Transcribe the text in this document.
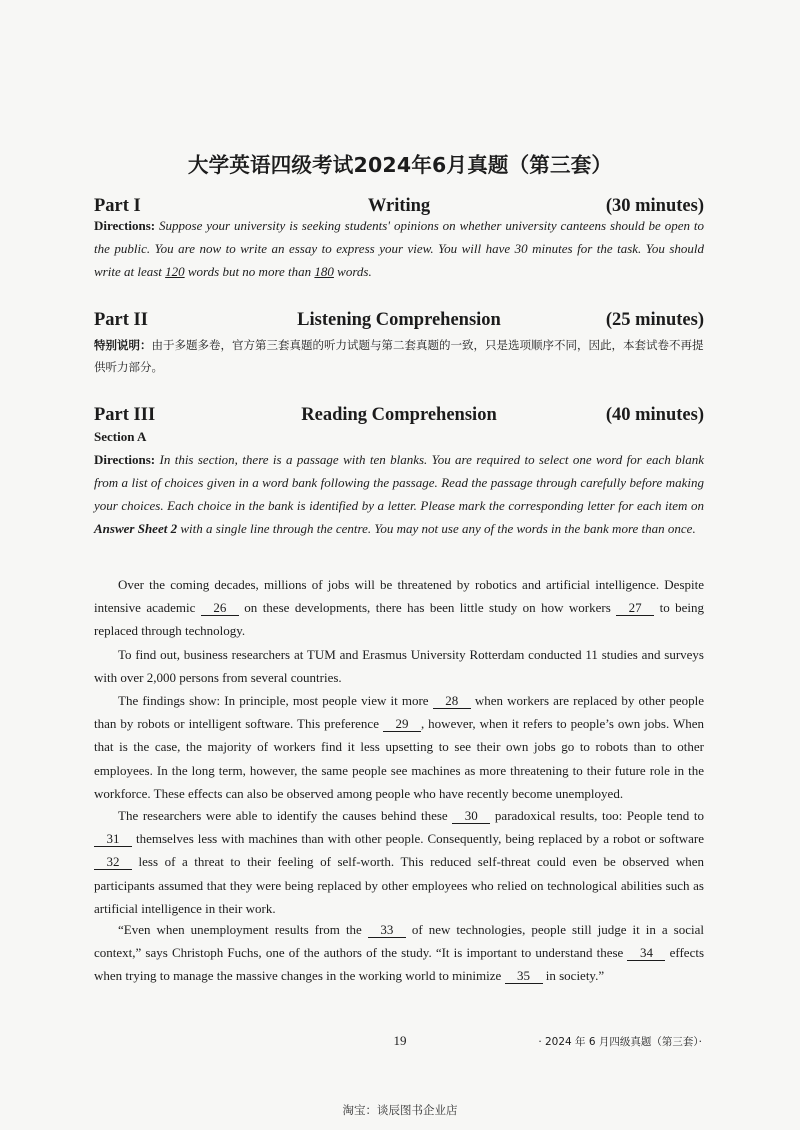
大学英语四级考试2024年6月真题（第三套）
Part I	Writing	(30 minutes)
Directions: Suppose your university is seeking students' opinions on whether university canteens should be open to the public. You are now to write an essay to express your view. You will have 30 minutes for the task. You should write at least 120 words but no more than 180 words.
Part II	Listening Comprehension	(25 minutes)
特别说明：由于多题多卷，官方第三套真题的听力试题与第二套真题的一致，只是选项顺序不同，因此，本套试卷不再提供听力部分。
Part III	Reading Comprehension	(40 minutes)
Section A
Directions: In this section, there is a passage with ten blanks. You are required to select one word for each blank from a list of choices given in a word bank following the passage. Read the passage through carefully before making your choices. Each choice in the bank is identified by a letter. Please mark the corresponding letter for each item on Answer Sheet 2 with a single line through the centre. You may not use any of the words in the bank more than once.
Over the coming decades, millions of jobs will be threatened by robotics and artificial intelligence. Despite intensive academic 26 on these developments, there has been little study on how workers 27 to being replaced through technology.
To find out, business researchers at TUM and Erasmus University Rotterdam conducted 11 studies and surveys with over 2,000 persons from several countries.
The findings show: In principle, most people view it more 28 when workers are replaced by other people than by robots or intelligent software. This preference 29 , however, when it refers to people’s own jobs. When that is the case, the majority of workers find it less upsetting to see their own jobs go to robots than to other employees. In the long term, however, the same people see machines as more threatening to their future role in the workforce. These effects can also be observed among people who have recently become unemployed.
The researchers were able to identify the causes behind these 30 paradoxical results, too: People tend to 31 themselves less with machines than with other people. Consequently, being replaced by a robot or software 32 less of a threat to their feeling of self-worth. This reduced self-threat could even be observed when participants assumed that they were being replaced by other employees who relied on technological abilities such as artificial intelligence in their work.
“Even when unemployment results from the 33 of new technologies, people still judge it in a social context,” says Christoph Fuchs, one of the authors of the study. “It is important to understand these 34 effects when trying to manage the massive changes in the working world to minimize 35 in society.”
19	· 2024 年 6 月四级真题（第三套）·
淘宝：谈辰图书企业店
